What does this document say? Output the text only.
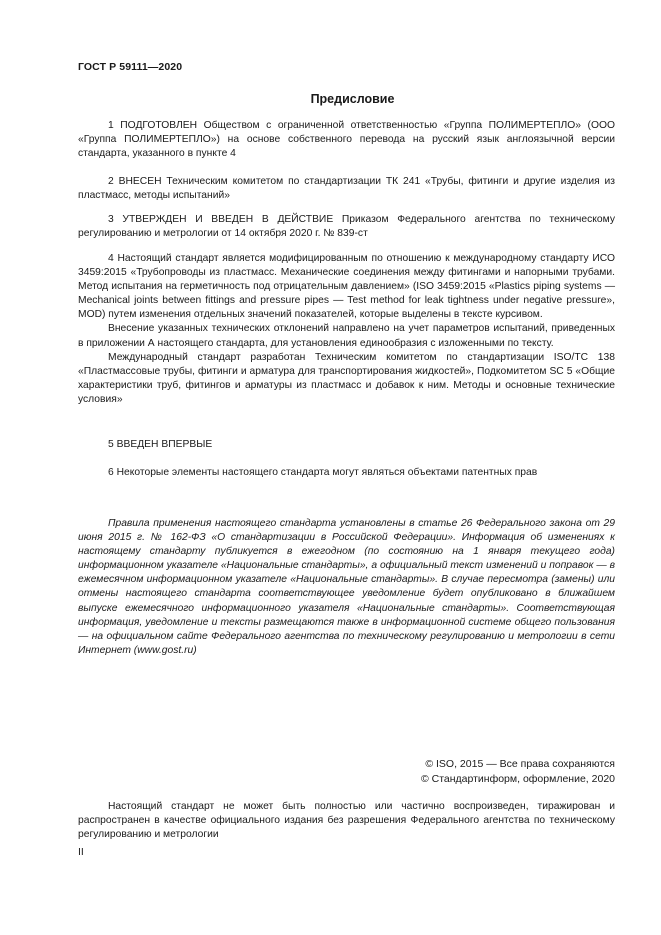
ГОСТ Р 59111—2020
Предисловие

1 ПОДГОТОВЛЕН Обществом с ограниченной ответственностью «Группа ПОЛИМЕРТЕПЛО» (ООО «Группа ПОЛИМЕРТЕПЛО») на основе собственного перевода на русский язык англоязычной версии стандарта, указанного в пункте 4

2 ВНЕСЕН Техническим комитетом по стандартизации ТК 241 «Трубы, фитинги и другие изделия из пластмасс, методы испытаний»

3 УТВЕРЖДЕН И ВВЕДЕН В ДЕЙСТВИЕ Приказом Федерального агентства по техническому регулированию и метрологии от 14 октября 2020 г. № 839-ст

4 Настоящий стандарт является модифицированным по отношению к международному стандарту ИСО 3459:2015 «Трубопроводы из пластмасс. Механические соединения между фитингами и напорными трубами. Метод испытания на герметичность под отрицательным давлением» (ISO 3459:2015 «Plastics piping systems — Mechanical joints between fittings and pressure pipes — Test method for leak tightness under negative pressure», MOD) путем изменения отдельных значений показателей, которые выделены в тексте курсивом.

Внесение указанных технических отклонений направлено на учет параметров испытаний, приведенных в приложении А настоящего стандарта, для установления единообразия с изложенными по тексту.

Международный стандарт разработан Техническим комитетом по стандартизации ISO/TC 138 «Пластмассовые трубы, фитинги и арматура для транспортирования жидкостей», Подкомитетом SC 5 «Общие характеристики труб, фитингов и арматуры из пластмасс и добавок к ним. Методы и основные технические условия»

5 ВВЕДЕН ВПЕРВЫЕ

6 Некоторые элементы настоящего стандарта могут являться объектами патентных прав

Правила применения настоящего стандарта установлены в статье 26 Федерального закона от 29 июня 2015 г. № 162-ФЗ «О стандартизации в Российской Федерации». Информация об изменениях к настоящему стандарту публикуется в ежегодном (по состоянию на 1 января текущего года) информационном указателе «Национальные стандарты», а официальный текст изменений и поправок — в ежемесячном информационном указателе «Национальные стандарты». В случае пересмотра (замены) или отмены настоящего стандарта соответствующее уведомление будет опубликовано в ближайшем выпуске ежемесячного информационного указателя «Национальные стандарты». Соответствующая информация, уведомление и тексты размещаются также в информационной системе общего пользования — на официальном сайте Федерального агентства по техническому регулированию и метрологии в сети Интернет (www.gost.ru)

© ISO, 2015 — Все права сохраняются
© Стандартинформ, оформление, 2020

Настоящий стандарт не может быть полностью или частично воспроизведен, тиражирован и распространен в качестве официального издания без разрешения Федерального агентства по техническому регулированию и метрологии

II
